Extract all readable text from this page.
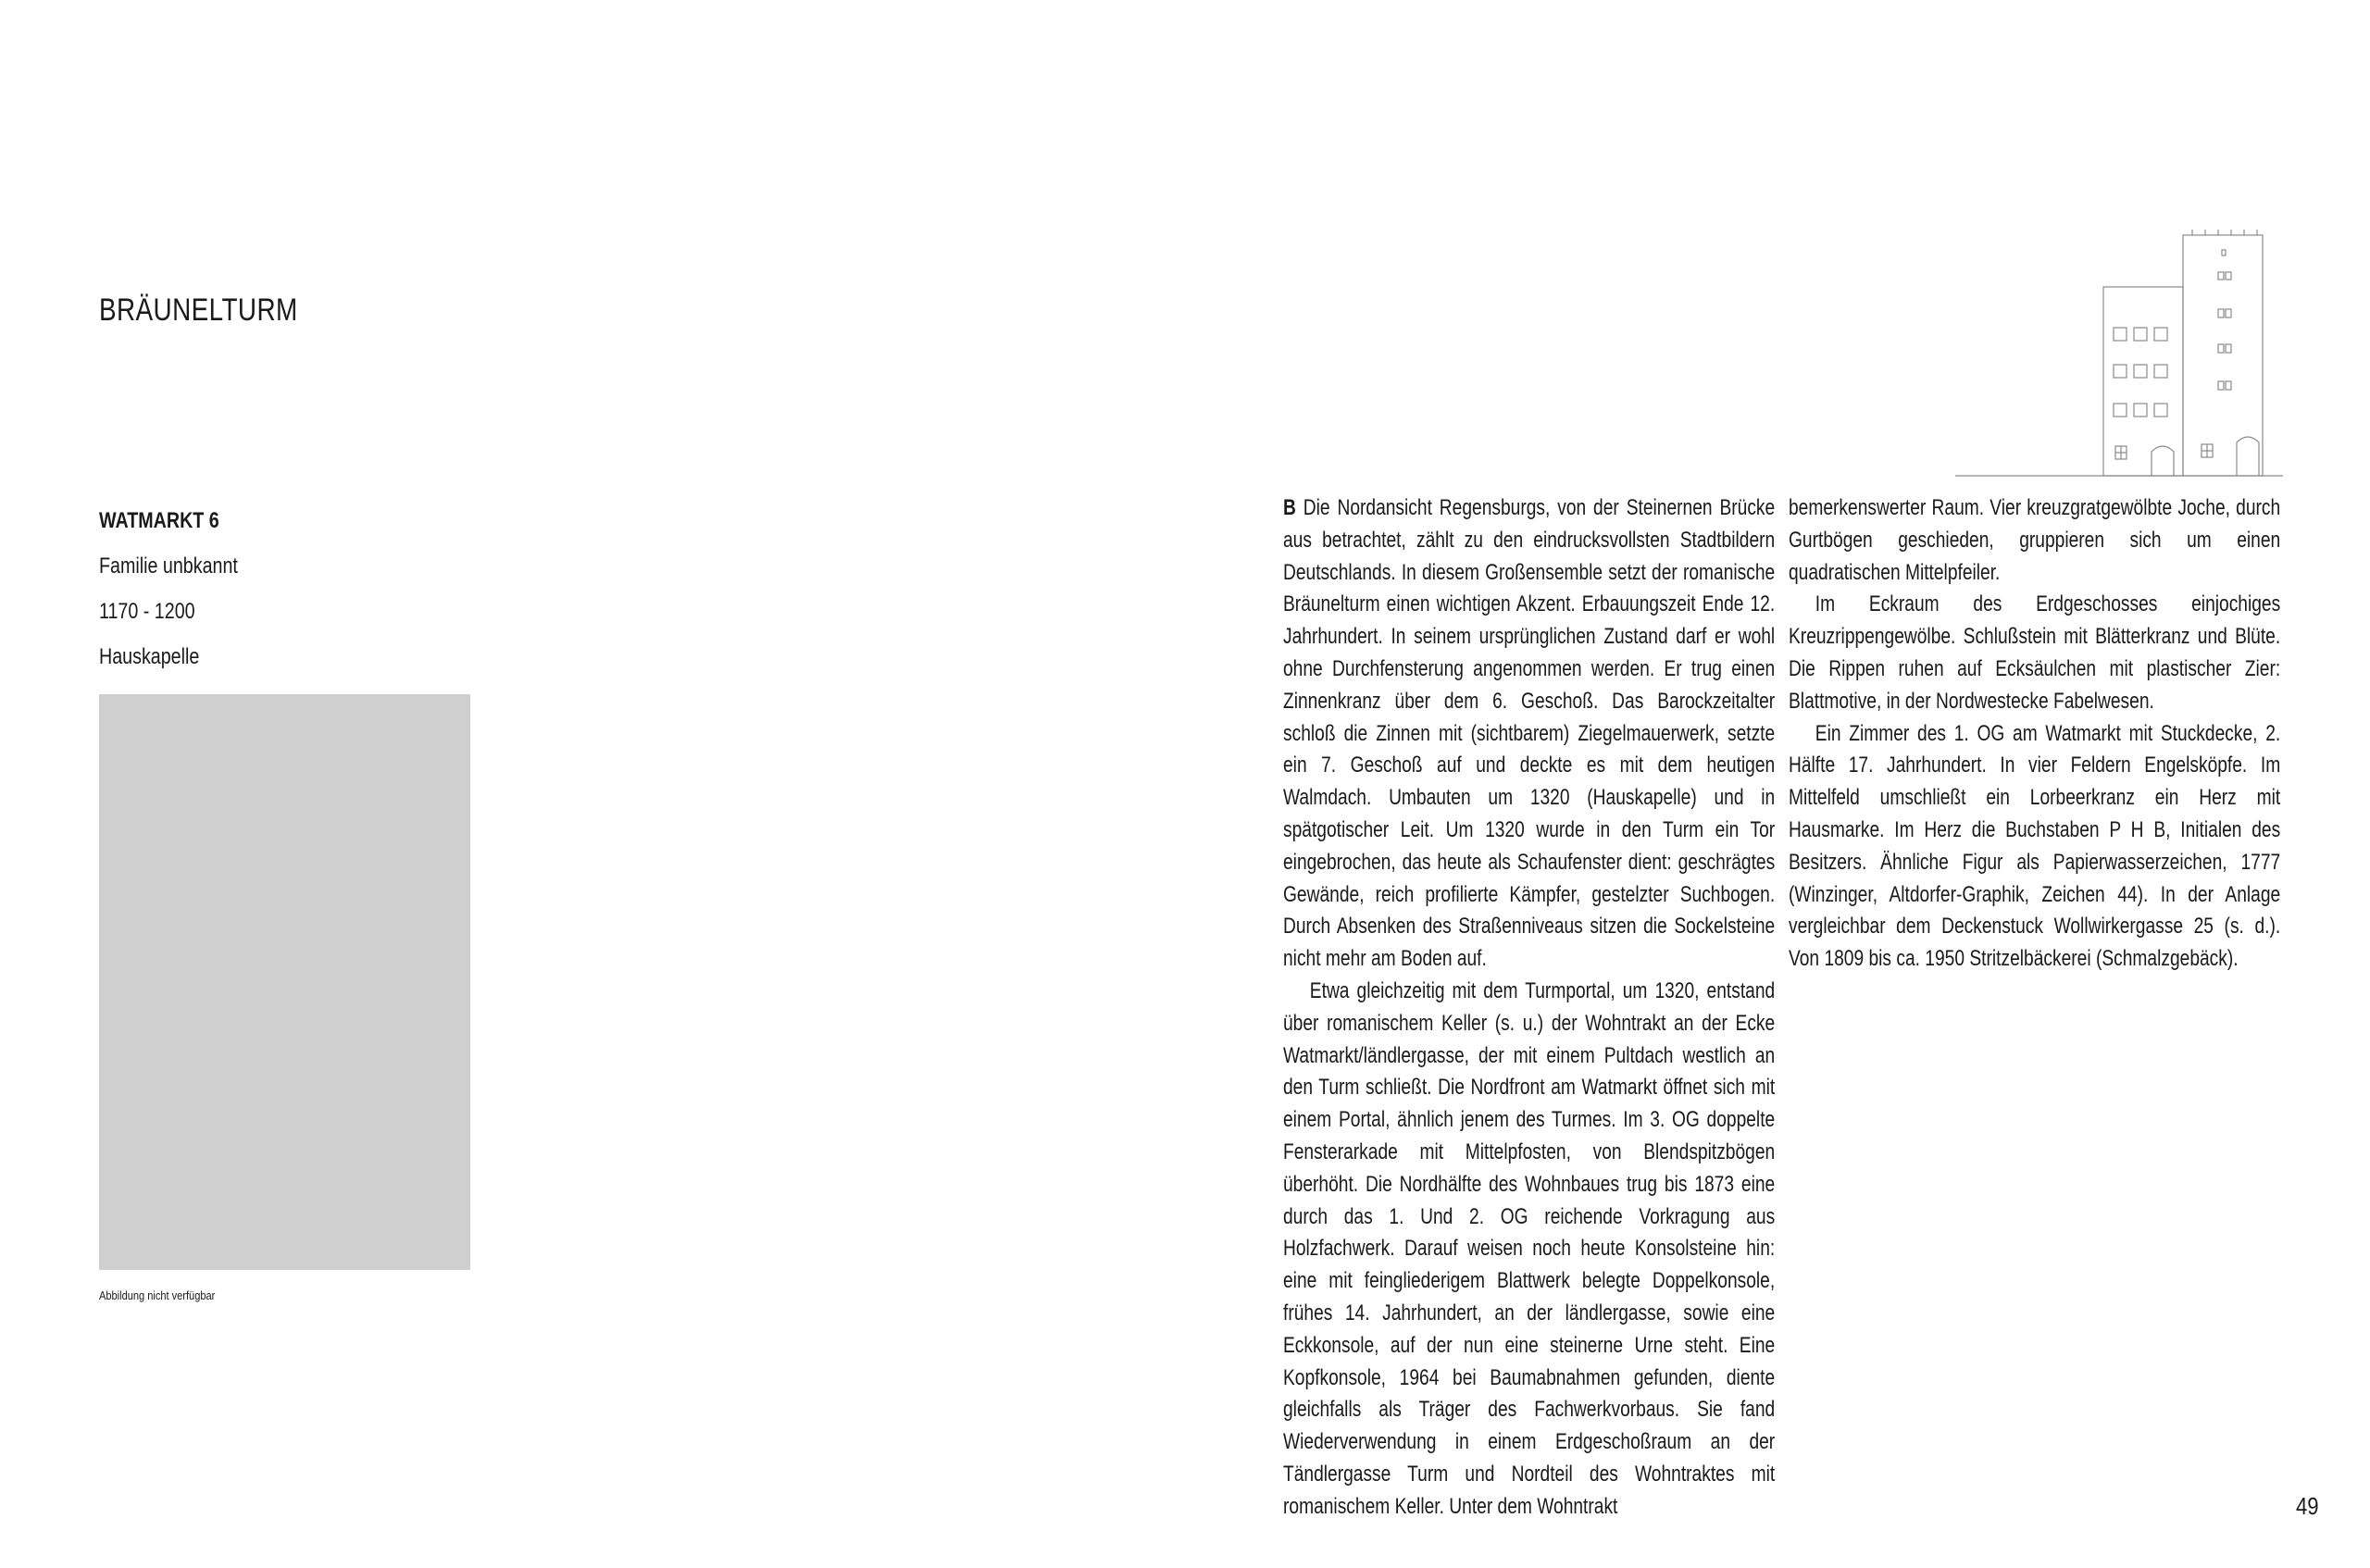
BRÄUNELTURM
WATMARKT 6
Familie unbkannt
1170 - 1200
Hauskapelle
Abbildung nicht verfügbar

B Die Nordansicht Regensburgs, von der Steinernen Brücke aus betrachtet, zählt zu den eindrucksvollsten Stadtbildern Deutschlands. In diesem Großensemble setzt der romanische Bräunelturm einen wichtigen Akzent. Erbauungszeit Ende 12. Jahrhundert. In seinem ursprünglichen Zustand darf er wohl ohne Durchfensterung angenommen werden. Er trug einen Zinnenkranz über dem 6. Geschoß. Das Barockzeitalter schloß die Zinnen mit (sichtbarem) Ziegelmauerwerk, setzte ein 7. Geschoß auf und deckte es mit dem heutigen Walmdach. Umbauten um 1320 (Hauskapelle) und in spätgotischer Leit. Um 1320 wurde in den Turm ein Tor eingebrochen, das heute als Schaufenster dient: geschrägtes Gewände, reich profilierte Kämpfer, gestelzter Suchbogen. Durch Absenken des Straßenniveaus sitzen die Sockelsteine nicht mehr am Boden auf.

Etwa gleichzeitig mit dem Turmportal, um 1320, entstand über romanischem Keller (s. u.) der Wohntrakt an der Ecke Watmarkt/ländlergasse, der mit einem Pultdach westlich an den Turm schließt. Die Nordfront am Watmarkt öffnet sich mit einem Portal, ähnlich jenem des Turmes. Im 3. OG doppelte Fensterarkade mit Mittelpfosten, von Blendspitzbögen überhöht. Die Nordhälfte des Wohnbaues trug bis 1873 eine durch das 1. Und 2. OG reichende Vorkragung aus Holzfachwerk. Darauf weisen noch heute Konsolsteine hin: eine mit feingliederigem Blattwerk belegte Doppelkonsole, frühes 14. Jahrhundert, an der ländlergasse, sowie eine Eckkonsole, auf der nun eine steinerne Urne steht. Eine Kopfkonsole, 1964 bei Baumabnahmen gefunden, diente gleichfalls als Träger des Fachwerkvorbaus. Sie fand Wiederverwendung in einem Erdgeschoßraum an der Tändlergasse Turm und Nordteil des Wohntraktes mit romanischem Keller. Unter dem Wohntrakt

bemerkenswerter Raum. Vier kreuzgratgewölbte Joche, durch Gurtbögen geschieden, gruppieren sich um einen quadratischen Mittelpfeiler.

Im Eckraum des Erdgeschosses einjochiges Kreuzrippengewölbe. Schlußstein mit Blätterkranz und Blüte. Die Rippen ruhen auf Ecksäulchen mit plastischer Zier: Blattmotive, in der Nordwestecke Fabelwesen.

Ein Zimmer des 1. OG am Watmarkt mit Stuckdecke, 2. Hälfte 17. Jahrhundert. In vier Feldern Engelsköpfe. Im Mittelfeld umschließt ein Lorbeerkranz ein Herz mit Hausmarke. Im Herz die Buchstaben P H B, Initialen des Besitzers. Ähnliche Figur als Papierwasserzeichen, 1777 (Winzinger, Altdorfer-Graphik, Zeichen 44). In der Anlage vergleichbar dem Deckenstuck Wollwirkergasse 25 (s. d.). Von 1809 bis ca. 1950 Stritzelbäckerei (Schmalzgebäck).

49
